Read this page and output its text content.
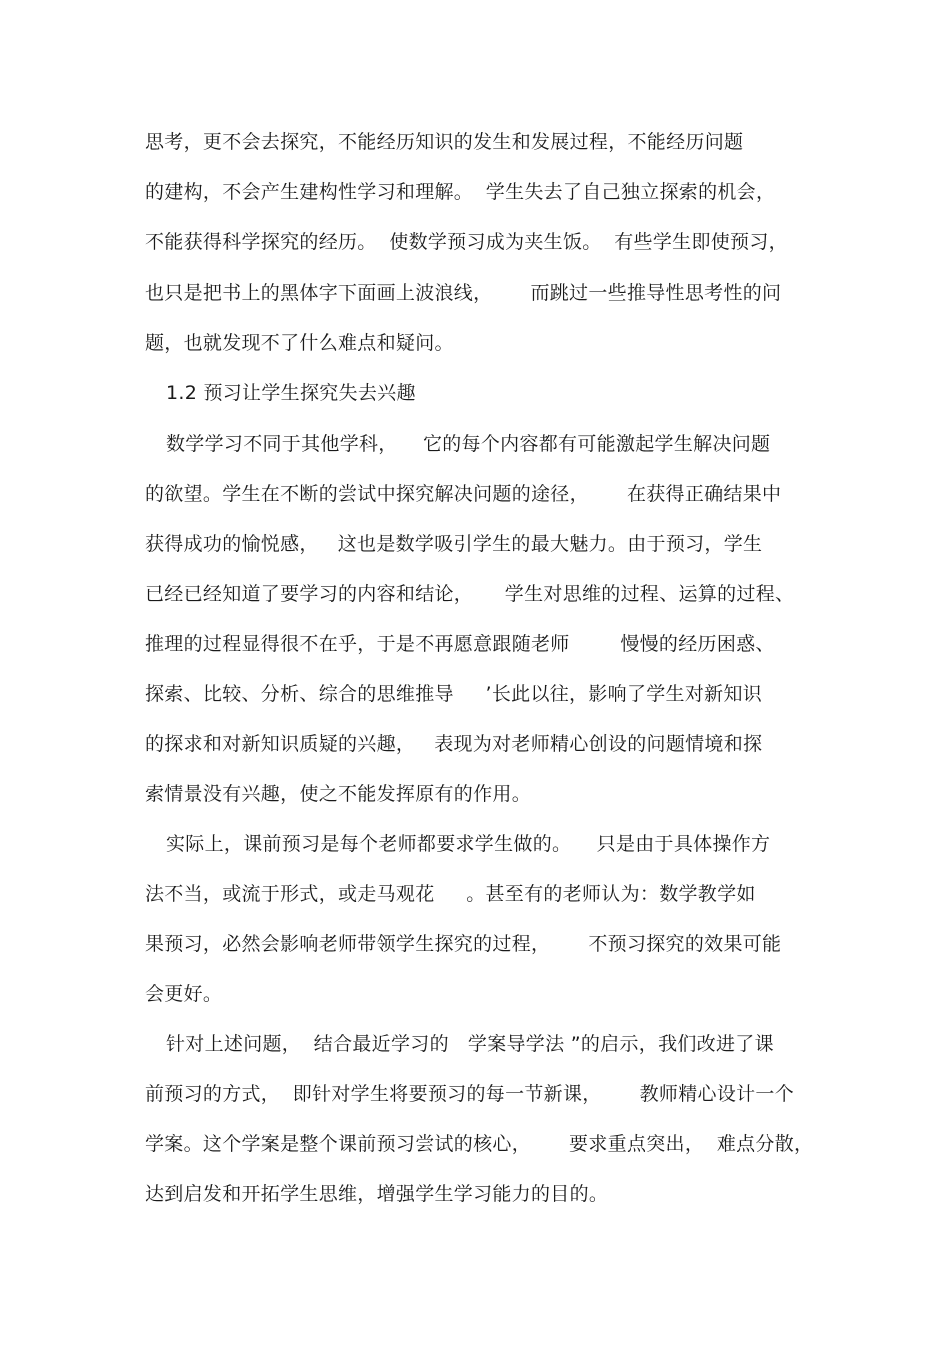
思考，更不会去探究，不能经历知识的发生和发展过程，不能经历问题
的建构，不会产生建构性学习和理解。  学生失去了自己独立探索的机会，
不能获得科学探究的经历。  使数学预习成为夹生饭。  有些学生即使预习，
也只是把书上的黑体字下面画上波浪线，      而跳过一些推导性思考性的问
题，也就发现不了什么难点和疑问。
1.2 预习让学生探究失去兴趣
数学学习不同于其他学科，    它的每个内容都有可能激起学生解决问题
的欲望。学生在不断的尝试中探究解决问题的途径，      在获得正确结果中
获得成功的愉悦感，   这也是数学吸引学生的最大魅力。由于预习，学生
已经已经知道了要学习的内容和结论，     学生对思维的过程、运算的过程、
推理的过程显得很不在乎，于是不再愿意跟随老师        慢慢的经历困惑、
探索、比较、分析、综合的思维推导     ’长此以往，影响了学生对新知识
的探求和对新知识质疑的兴趣，   表现为对老师精心创设的问题情境和探
索情景没有兴趣，使之不能发挥原有的作用。
实际上，课前预习是每个老师都要求学生做的。    只是由于具体操作方
法不当，或流于形式，或走马观花     。甚至有的老师认为：数学教学如
果预习，必然会影响老师带领学生探究的过程，      不预习探究的效果可能
会更好。
针对上述问题，  结合最近学习的   学案导学法 ”的启示，我们改进了课
前预习的方式，  即针对学生将要预习的每一节新课，      教师精心设计一个
学案。这个学案是整个课前预习尝试的核心，      要求重点突出，  难点分散，
达到启发和开拓学生思维，增强学生学习能力的目的。
